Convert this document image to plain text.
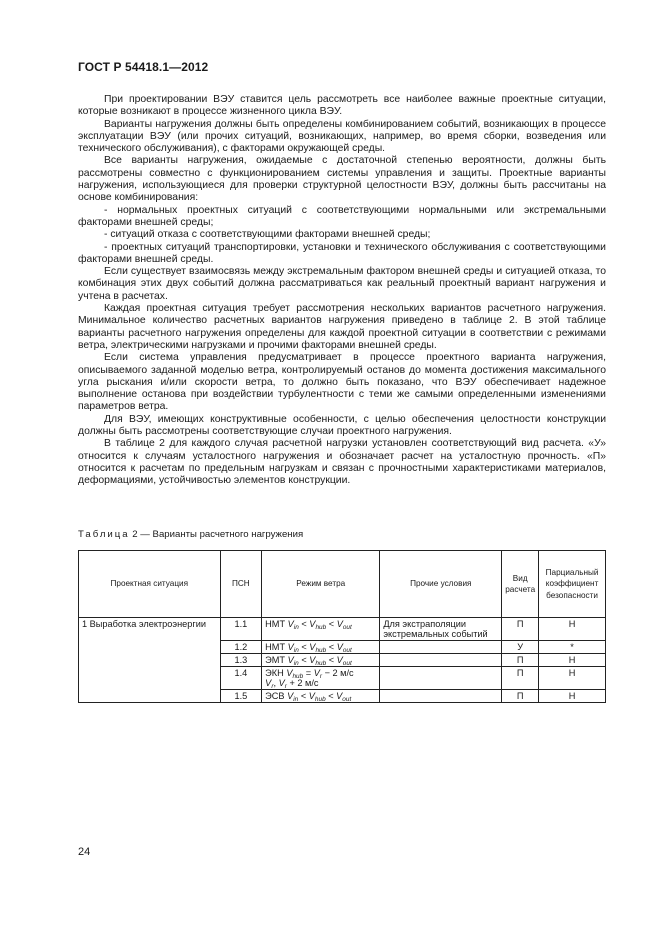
ГОСТ Р 54418.1—2012

При проектировании ВЭУ ставится цель рассмотреть все наиболее важные проектные ситуации, которые возникают в процессе жизненного цикла ВЭУ.

Варианты нагружения должны быть определены комбинированием событий, возникающих в процессе эксплуатации ВЭУ (или прочих ситуаций, возникающих, например, во время сборки, возведения или технического обслуживания), с факторами окружающей среды.

Все варианты нагружения, ожидаемые с достаточной степенью вероятности, должны быть рассмотрены совместно с функционированием системы управления и защиты. Проектные варианты нагружения, использующиеся для проверки структурной целостности ВЭУ, должны быть рассчитаны на основе комбинирования:

- нормальных проектных ситуаций с соответствующими нормальными или экстремальными факторами внешней среды;

- ситуаций отказа с соответствующими факторами внешней среды;

- проектных ситуаций транспортировки, установки и технического обслуживания с соответствующими факторами внешней среды.

Если существует взаимосвязь между экстремальным фактором внешней среды и ситуацией отказа, то комбинация этих двух событий должна рассматриваться как реальный проектный вариант нагружения и учтена в расчетах.

Каждая проектная ситуация требует рассмотрения нескольких вариантов расчетного нагружения. Минимальное количество расчетных вариантов нагружения приведено в таблице 2. В этой таблице варианты расчетного нагружения определены для каждой проектной ситуации в соответствии с режимами ветра, электрическими нагрузками и прочими факторами внешней среды.

Если система управления предусматривает в процессе проектного варианта нагружения, описываемого заданной моделью ветра, контролируемый останов до момента достижения максимального угла рыскания и/или скорости ветра, то должно быть показано, что ВЭУ обеспечивает надежное выполнение останова при воздействии турбулентности с теми же самыми определенными изменениями параметров ветра.

Для ВЭУ, имеющих конструктивные особенности, с целью обеспечения целостности конструкции должны быть рассмотрены соответствующие случаи проектного нагружения.

В таблице 2 для каждого случая расчетной нагрузки установлен соответствующий вид расчета. «У» относится к случаям усталостного нагружения и обозначает расчет на усталостную прочность. «П» относится к расчетам по предельным нагрузкам и связан с прочностными характеристиками материалов, деформациями, устойчивостью элементов конструкции.

Таблица 2 — Варианты расчетного нагружения
Проектная ситуация	ПСН	Режим ветра	Прочие условия	Вид расчета	Парциальный коэффициент безопасности
1 Выработка электроэнергии	1.1	НМТ $V_{in} < V_{hub} < V_{out}$	Для экстраполяции экстремальных событий	П	Н
	1.2	НМТ $V_{in} < V_{hub} < V_{out}$		У	*
	1.3	ЭМТ $V_{in} < V_{hub} < V_{out}$		П	Н
	1.4	ЭКН $V_{hub} = V_r - 2$ м/с
$V_r$, $V_r + 2$ м/с		П	Н
	1.5	ЭСВ $V_{in} < V_{hub} < V_{out}$		П	Н
24
